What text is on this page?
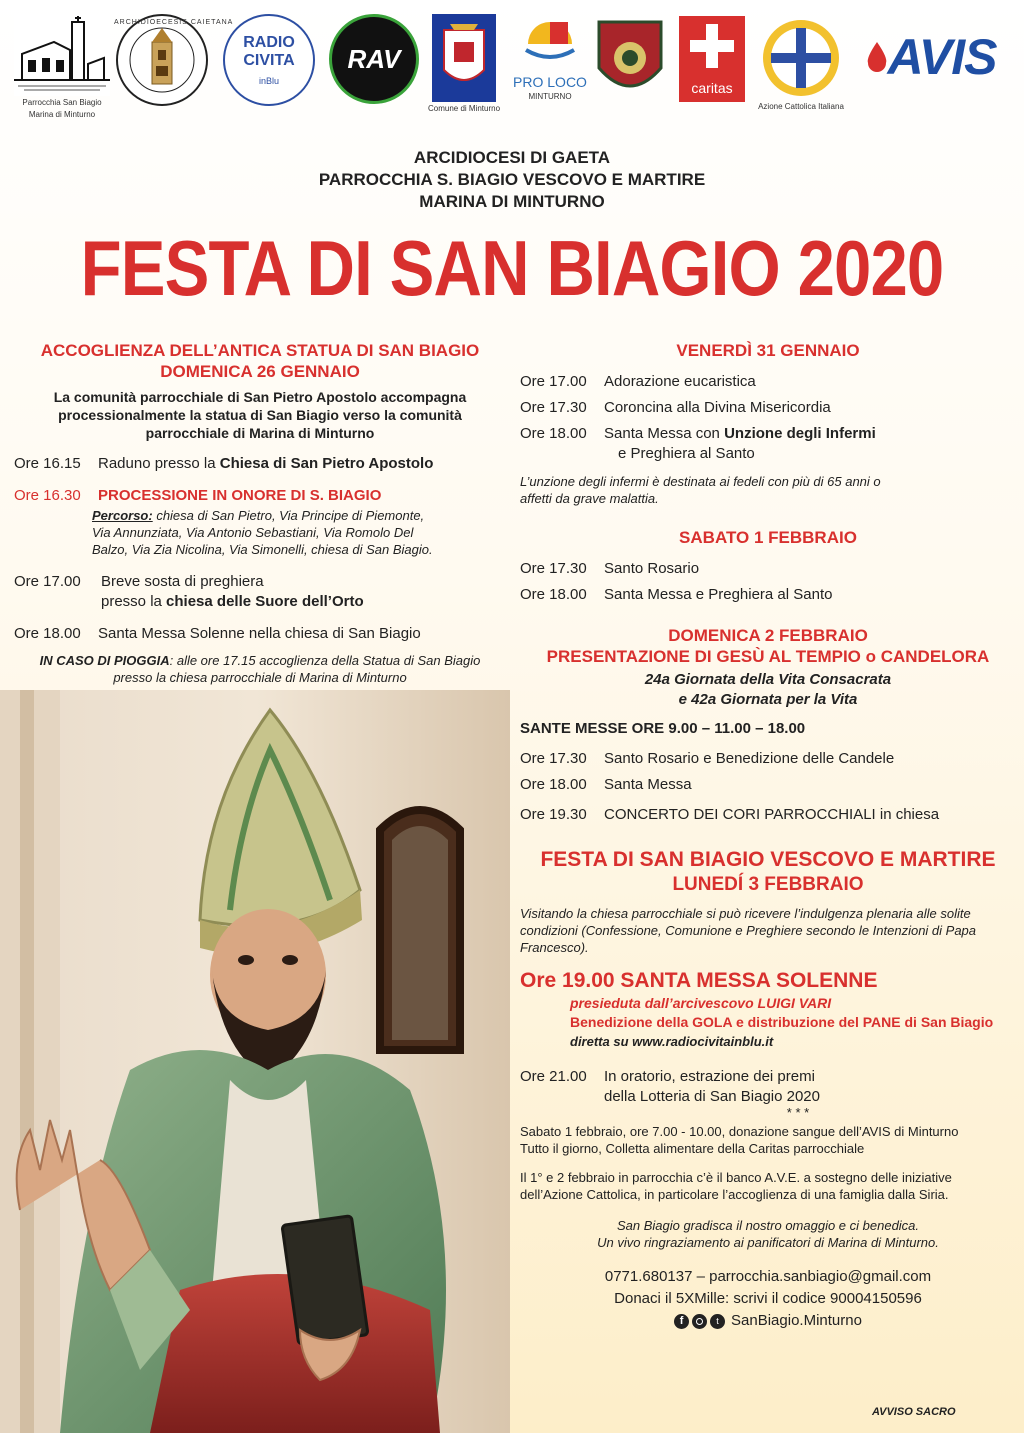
Parrocchia San Biagio
Marina di Minturno
ARCHIDIOECESIS CAIETANA
RADIO
CIVITA
inBlu
RAV
Comune di Minturno
PRO LOCO
MINTURNO
caritas
Azione Cattolica Italiana
AVIS
ARCIDIOCESI DI GAETA
PARROCCHIA S. BIAGIO VESCOVO E MARTIRE
MARINA DI MINTURNO
FESTA DI SAN BIAGIO 2020
ACCOGLIENZA DELL’ANTICA STATUA DI SAN BIAGIO
DOMENICA 26 GENNAIO
La comunità parrocchiale di San Pietro Apostolo accompagna processionalmente la statua di San Biagio verso la comunità parrocchiale di Marina di Minturno
Ore 16.15	Raduno presso la Chiesa di San Pietro Apostolo
Ore 16.30	PROCESSIONE IN ONORE DI S. BIAGIO
Percorso: chiesa di San Pietro, Via Principe di Piemonte, Via Annunziata, Via Antonio Sebastiani, Via Romolo Del Balzo, Via Zia Nicolina, Via Simonelli, chiesa di San Biagio.
Ore 17.00	Breve sosta di preghiera
presso la chiesa delle Suore dell’Orto
Ore 18.00	Santa Messa Solenne nella chiesa di San Biagio
IN CASO DI PIOGGIA: alle ore 17.15 accoglienza della Statua di San Biagio presso la chiesa parrocchiale di Marina di Minturno
VENERDÌ 31 GENNAIO
Ore 17.00	Adorazione eucaristica
Ore 17.30	Coroncina alla Divina Misericordia
Ore 18.00	Santa Messa con Unzione degli Infermi
e Preghiera al Santo
L’unzione degli infermi è destinata ai fedeli con più di 65 anni o affetti da grave malattia.
SABATO 1 FEBBRAIO
Ore 17.30	Santo Rosario
Ore 18.00	Santa Messa e Preghiera al Santo
DOMENICA 2 FEBBRAIO
PRESENTAZIONE DI GESÙ AL TEMPIO o CANDELORA
24a Giornata della Vita Consacrata
e 42a Giornata per la Vita
SANTE MESSE ORE 9.00 – 11.00 – 18.00
Ore 17.30	Santo Rosario e Benedizione delle Candele
Ore 18.00	Santa Messa
Ore 19.30	CONCERTO DEI CORI PARROCCHIALI in chiesa
FESTA DI SAN BIAGIO VESCOVO E MARTIRE
LUNEDÍ 3 FEBBRAIO
Visitando la chiesa parrocchiale si può ricevere l’indulgenza plenaria alle solite condizioni (Confessione, Comunione e Preghiere secondo le Intenzioni di Papa Francesco).
Ore 19.00 SANTA MESSA SOLENNE
presieduta dall’arcivescovo LUIGI VARI
Benedizione della GOLA e distribuzione del PANE di San Biagio
diretta su www.radiocivitainblu.it
Ore 21.00	In oratorio, estrazione dei premi
della Lotteria di San Biagio 2020
* * *
Sabato 1 febbraio, ore 7.00 - 10.00, donazione sangue dell’AVIS di Minturno
Tutto il giorno, Colletta alimentare della Caritas parrocchiale
Il 1° e 2 febbraio in parrocchia c’è il banco A.V.E. a sostegno delle iniziative dell’Azione Cattolica, in particolare l’accoglienza di una famiglia dalla Siria.
San Biagio gradisca il nostro omaggio e ci benedica.
Un vivo ringraziamento ai panificatori di Marina di Minturno.
0771.680137 – parrocchia.sanbiagio@gmail.com
Donaci il 5XMille: scrivi il codice 90004150596
f	t SanBiagio.Minturno
AVVISO SACRO
